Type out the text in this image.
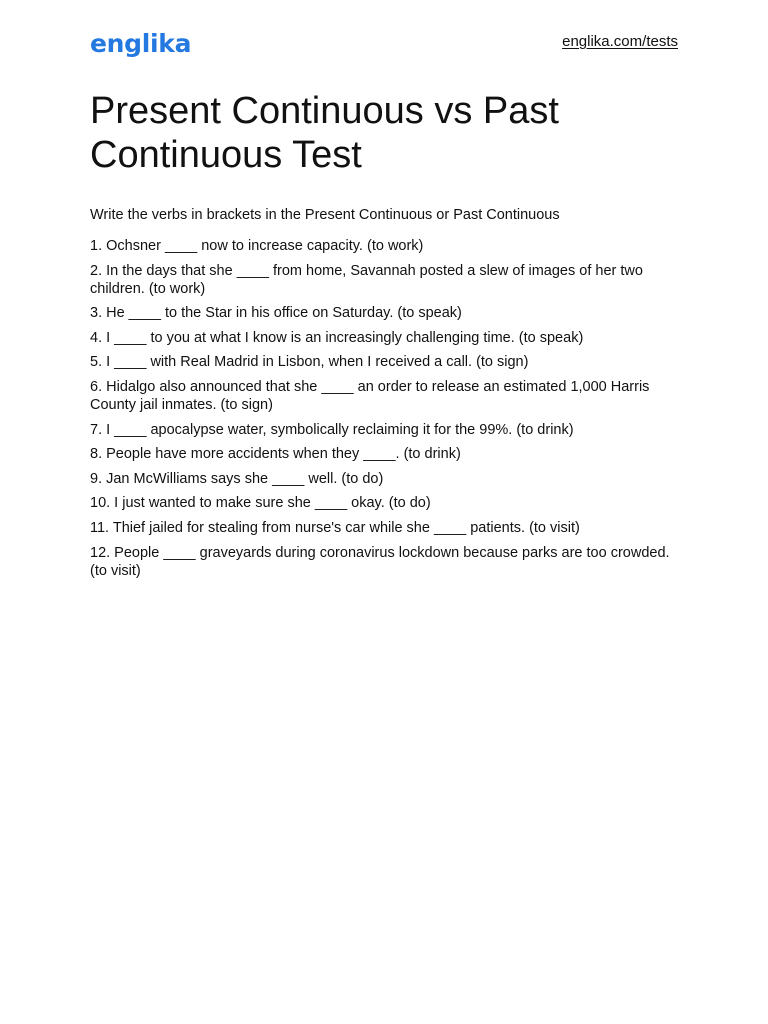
englika	englika.com/tests
Present Continuous vs Past Continuous Test
Write the verbs in brackets in the Present Continuous or Past Continuous
1. Ochsner ____ now to increase capacity. (to work)
2. In the days that she ____ from home, Savannah posted a slew of images of her two children. (to work)
3. He ____ to the Star in his office on Saturday. (to speak)
4. I ____ to you at what I know is an increasingly challenging time. (to speak)
5. I ____ with Real Madrid in Lisbon, when I received a call. (to sign)
6. Hidalgo also announced that she ____ an order to release an estimated 1,000 Harris County jail inmates. (to sign)
7. I ____ apocalypse water, symbolically reclaiming it for the 99%. (to drink)
8. People have more accidents when they ____. (to drink)
9. Jan McWilliams says she ____ well. (to do)
10. I just wanted to make sure she ____ okay. (to do)
11. Thief jailed for stealing from nurse's car while she ____ patients. (to visit)
12. People ____ graveyards during coronavirus lockdown because parks are too crowded. (to visit)
